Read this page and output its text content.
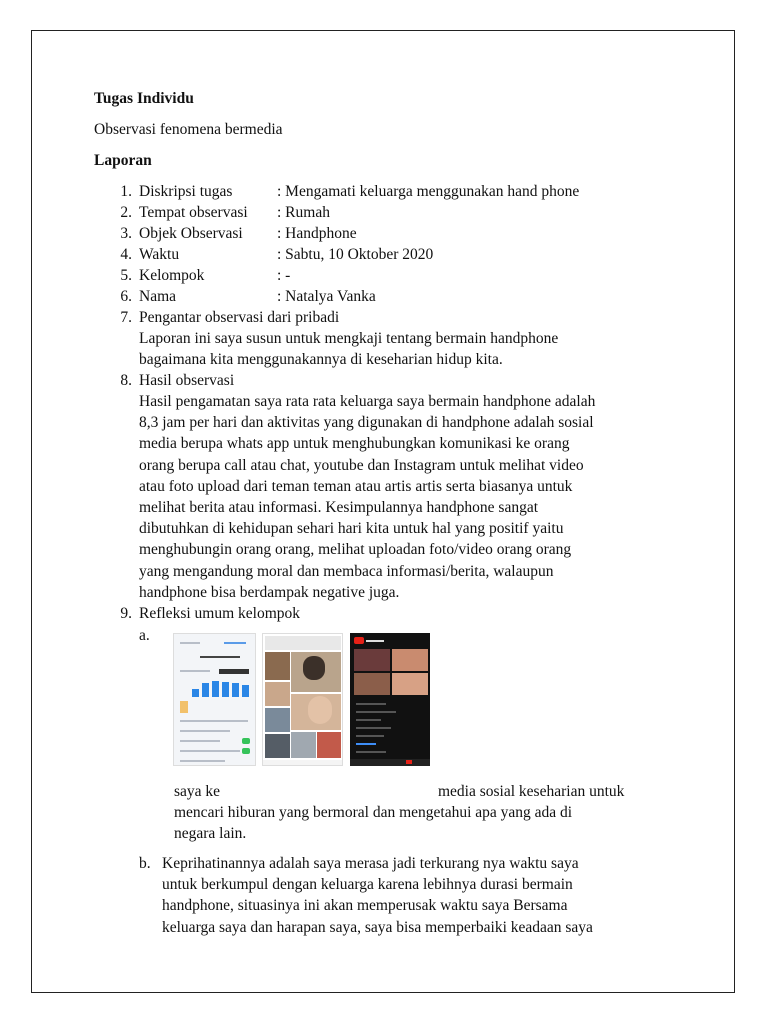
Tugas Individu
Observasi fenomena bermedia
Laporan
1. Diskripsi tugas	: Mengamati keluarga menggunakan hand phone
2. Tempat observasi : Rumah
3. Objek Observasi : Handphone
4. Waktu	: Sabtu, 10 Oktober 2020
5. Kelompok	: -
6. Nama	: Natalya Vanka
7. Pengantar observasi dari pribadi
Laporan ini saya susun untuk mengkaji tentang bermain handphone
bagaimana kita menggunakannya di keseharian hidup kita.
8. Hasil observasi
Hasil pengamatan saya rata rata keluarga saya bermain handphone adalah
8,3 jam per hari dan aktivitas yang digunakan di handphone adalah sosial
media berupa whats app untuk menghubungkan komunikasi ke orang
orang berupa call atau chat, youtube dan Instagram untuk melihat video
atau foto upload dari teman teman atau artis artis serta biasanya untuk
melihat berita atau informasi. Kesimpulannya handphone sangat
dibutuhkan di kehidupan sehari hari kita untuk hal yang positif yaitu
menghubungin orang orang, melihat uploadan foto/video orang orang
yang mengandung moral dan membaca informasi/berita, walaupun
handphone bisa berdampak negative juga.
9. Refleksi umum kelompok
a.
saya ke	media sosial keseharian untuk
mencari hiburan yang bermoral dan mengetahui apa yang ada di
negara lain.
b. Keprihatinannya adalah saya merasa jadi terkurang nya waktu saya
untuk berkumpul dengan keluarga karena lebihnya durasi bermain
handphone, situasinya ini akan memperusak waktu saya Bersama
keluarga saya dan harapan saya, saya bisa memperbaiki keadaan saya
